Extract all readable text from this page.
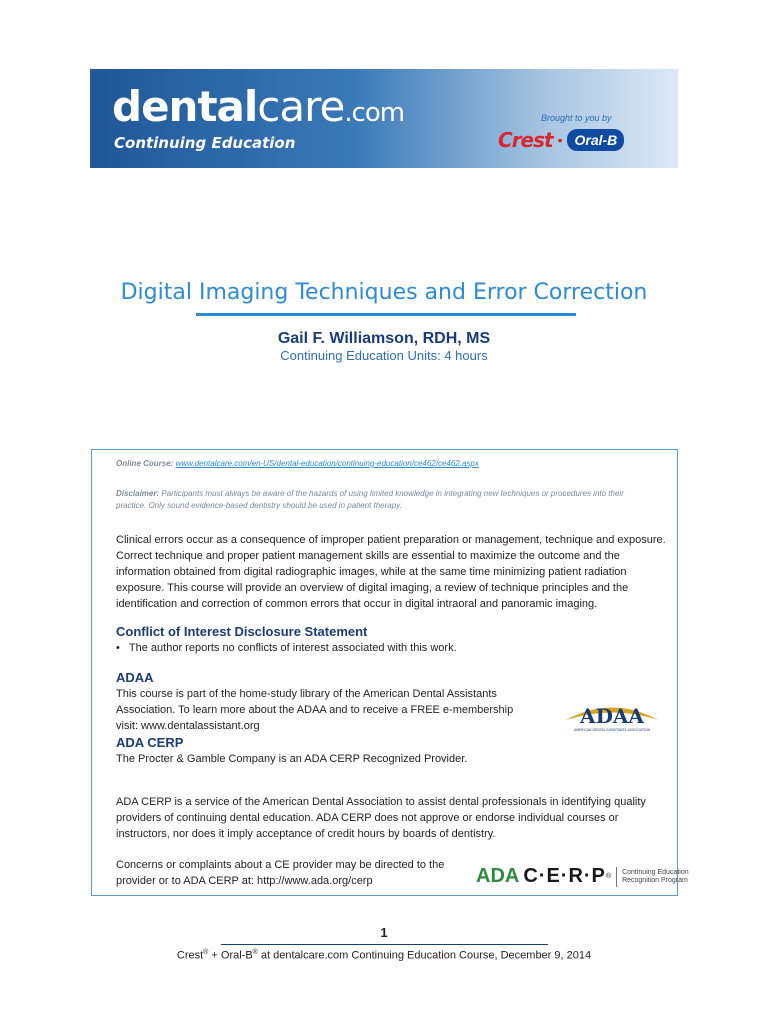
dentalcare.com
Continuing Education
Brought to you by
Crest • Oral-B
Digital Imaging Techniques and Error Correction
Gail F. Williamson, RDH, MS
Continuing Education Units: 4 hours
Online Course: www.dentalcare.com/en-US/dental-education/continuing-education/ce462/ce462.aspx
Disclaimer: Participants must always be aware of the hazards of using limited knowledge in integrating new techniques or procedures into their practice. Only sound evidence-based dentistry should be used in patient therapy.
Clinical errors occur as a consequence of improper patient preparation or management, technique and exposure. Correct technique and proper patient management skills are essential to maximize the outcome and the information obtained from digital radiographic images, while at the same time minimizing patient radiation exposure. This course will provide an overview of digital imaging, a review of technique principles and the identification and correction of common errors that occur in digital intraoral and panoramic imaging.
Conflict of Interest Disclosure Statement
• The author reports no conflicts of interest associated with this work.
ADAA
This course is part of the home-study library of the American Dental Assistants Association. To learn more about the ADAA and to receive a FREE e-membership visit: www.dentalassistant.org	ADAA
AMERICAN DENTAL ASSISTANTS ASSOCIATION
ADA CERP
The Procter & Gamble Company is an ADA CERP Recognized Provider.
ADA CERP is a service of the American Dental Association to assist dental professionals in identifying quality providers of continuing dental education. ADA CERP does not approve or endorse individual courses or instructors, nor does it imply acceptance of credit hours by boards of dentistry.
Concerns or complaints about a CE provider may be directed to the provider or to ADA CERP at: http://www.ada.org/cerp	ADA C·E·R·P ®
Continuing Education
Recognition Program
1
Crest® + Oral-B® at dentalcare.com Continuing Education Course, December 9, 2014
